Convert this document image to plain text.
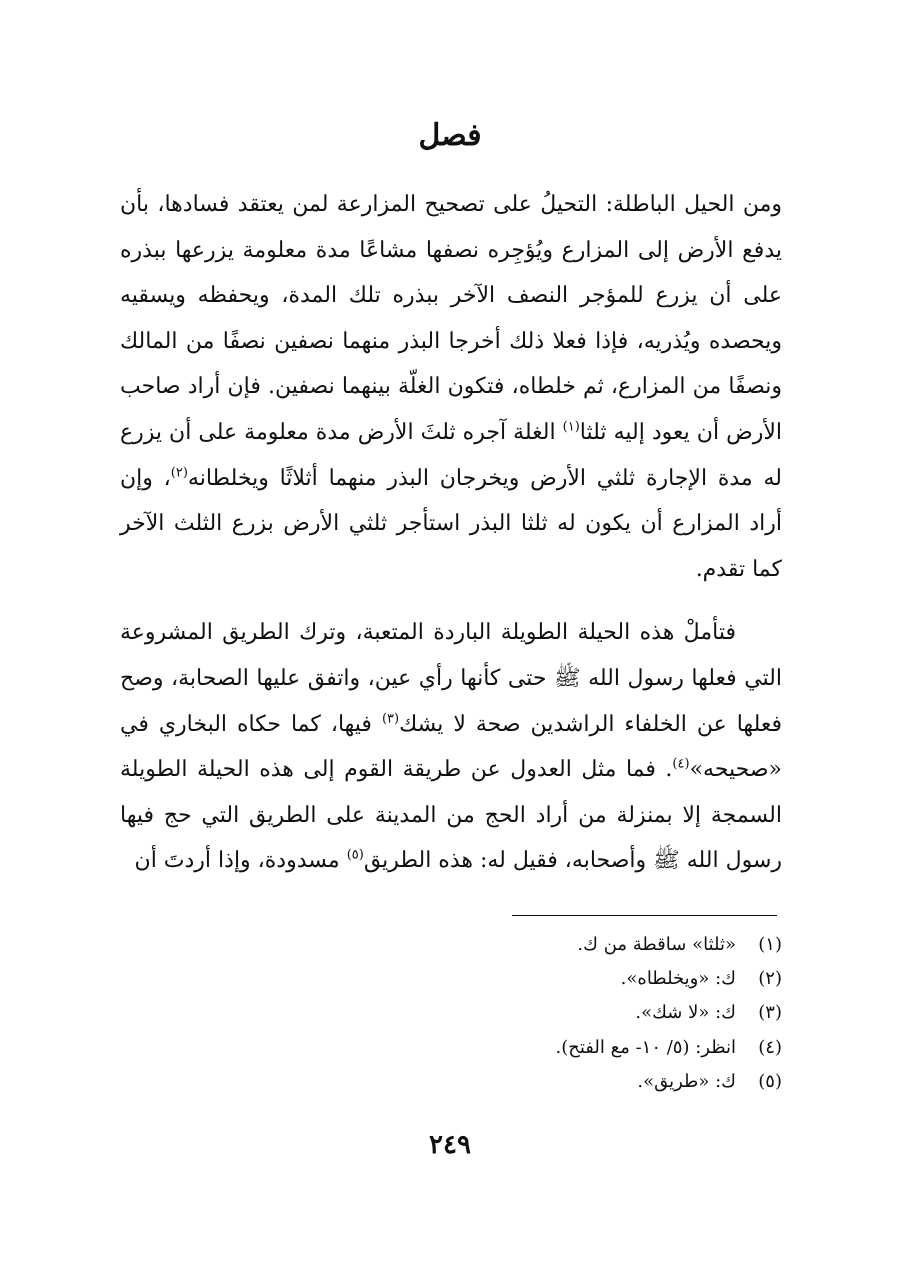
فصل

ومن الحيل الباطلة: التحيلُ على تصحيح المزارعة لمن يعتقد فسادها، بأن يدفع الأرض إلى المزارع ويُؤجِره نصفها مشاعًا مدة معلومة يزرعها ببذره على أن يزرع للمؤجر النصف الآخر ببذره تلك المدة، ويحفظه ويسقيه ويحصده ويُذريه، فإذا فعلا ذلك أخرجا البذر منهما نصفين نصفًا من المالك ونصفًا من المزارع، ثم خلطاه، فتكون الغلّة بينهما نصفين. فإن أراد صاحب الأرض أن يعود إليه ثلثا$^{(١)}$ الغلة آجره ثلثَ الأرض مدة معلومة على أن يزرع له مدة الإجارة ثلثي الأرض ويخرجان البذر منهما أثلاثًا ويخلطانه$^{(٢)}$، وإن أراد المزارع أن يكون له ثلثا البذر استأجر ثلثي الأرض بزرع الثلث الآخر كما تقدم.

فتأملْ هذه الحيلة الطويلة الباردة المتعبة، وترك الطريق المشروعة التي فعلها رسول الله ﷺ حتى كأنها رأي عين، واتفق عليها الصحابة، وصح فعلها عن الخلفاء الراشدين صحة لا يشك$^{(٣)}$ فيها، كما حكاه البخاري في «صحيحه»$^{(٤)}$. فما مثل العدول عن طريقة القوم إلى هذه الحيلة الطويلة السمجة إلا بمنزلة من أراد الحج من المدينة على الطريق التي حج فيها رسول الله ﷺ وأصحابه، فقيل له: هذه الطريق$^{(٥)}$ مسدودة، وإذا أردتَ أن

(١)«ثلثا» ساقطة من ك.

(٢)ك: «ويخلطاه».

(٣)ك: «لا شك».

(٤)انظر: (٥/ ١٠- مع الفتح).

(٥)ك: «طريق».

٢٤٩
